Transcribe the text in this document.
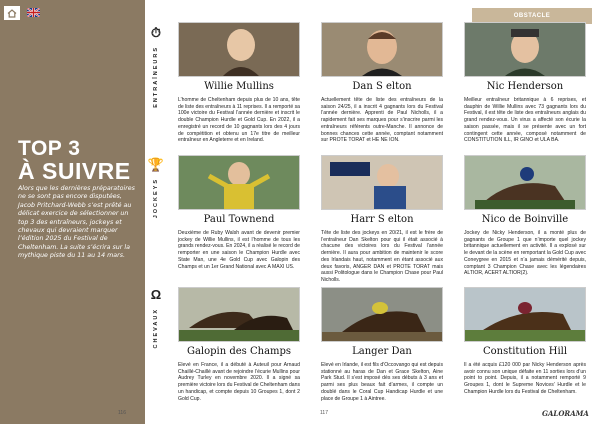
TOP 3
À SUIVRE

Alors que les dernières préparatoires ne se sont pas encore disputées, Jacob Pritchard-Webb s’est prêté au délicat exercice de sélectionner un top 3 des entraîneurs, jockeys et chevaux qui devraient marquer l’édition 2025 du Festival de Cheltenham. La suite s’écrira sur la mythique piste du 11 au 14 mars.

116
OBSTACLE
⏱
ENTRAÎNEURS
🏆
JOCKEYS
Ω
CHEVAUX
Willie Mullins

L’homme de Cheltenham depuis plus de 10 ans, tête de liste des entraîneurs à 11 reprises. Il a remporté sa 100e victoire du Festival l’année dernière et inscrit le double Champion Hurdle et Gold Cup. En 2022, il a enregistré un record de 10 gagnants lors des 4 jours de compétition et obtenu un 17e titre de meilleur entraîneur en Angleterre et en Ireland.

Dan S elton

Actuellement tête de liste des entraîneurs de la saison 24/25, il a inscrit 4 gagnants lors du Festival l’année dernière. Apprenti de Paul Nicholls, il a rapidement fait ses marques pour s’inscrire parmi les entraîneurs référents outre-Manche. Il annonce de bonnes chances cette année, comptant notamment sur PROTE TORAT et HE NE ION.

Nic Henderson

Meilleur entraîneur britannique à 6 reprises, et dauphin de Willie Mullins avec 73 gagnants lors du Festival, il est tête de liste des entraîneurs anglais du grand rendez-vous. Un virus a affecté son écurie la saison passée, mais il se présente avec un fort contingent cette année, composé notamment de CONSTITUTION ILL, IR GINO et ULA BA.

Paul Townend

Deuxième de Ruby Walsh avant de devenir premier jockey de Willie Mullins, il est l’homme de tous les grands rendez-vous. En 2024, il a réalisé le record de remporter en une saison le Champion Hurdle avec State Man, une 4e Gold Cup avec Galopin des Champs et un 1er Grand National avec A MAXI US.

Harr S elton

Tête de liste des jockeys en 20/21, il est le frère de l’entraîneur Dan Skelton pour qui il était associé à chacune des victoires lors du Festival l’année dernière. Il aura pour ambition de maintenir le score des Irlandais haut, notamment en étant associé aux deux favoris, ANGER DAN et PROTE TORAT mais aussi Politologue dans le Champion Chase pour Paul Nicholls.

Nico de Boinville

Jockey de Nicky Henderson, il a monté plus de gagnants de Groupe 1 que n’importe quel jockey britannique actuellement en activité. Il a explosé sur le devant de la scène en remportant la Gold Cup avec Coneygree en 2015 et n’a jamais démérité depuis, comptant 3 Champion Chase avec les légendaires ALTIOR, ACERT ALTIOR(2).

Galopin des Champs

Elevé en France, il a débuté à Auteuil pour Arnaud Chaillé-Chaillé avant de rejoindre l’écurie Mullins pour Audrey Turley en novembre 2020. Il a signé sa première victoire lors du Festival de Cheltenham dans un handicap, et compte depuis 10 Groupes 1, dont 2 Gold Cup.

Langer Dan

Elevé en Irlande, il est fils d’Occovango qui est depuis stationné au haras de Dan et Grace Skelton, Aine Park Stud. Il s’est imposé dès ses débuts à 3 ans et parmi ses plus beaux fait d’armes, il compte un doublé dans le Coral Cup Handicap Hurdle et une place de Groupe 1 à Aintree.

Constitution Hill

Il a été acquis £120 000 par Nicky Henderson après avoir connu son unique défaite en 11 sorties lors d’un point to point. Depuis, il a notamment remporté 9 Groupes 1, dont le Supreme Novices’ Hurdle et le Champion Hurdle lors du Festival de Cheltenham.

117	GALORAMA
